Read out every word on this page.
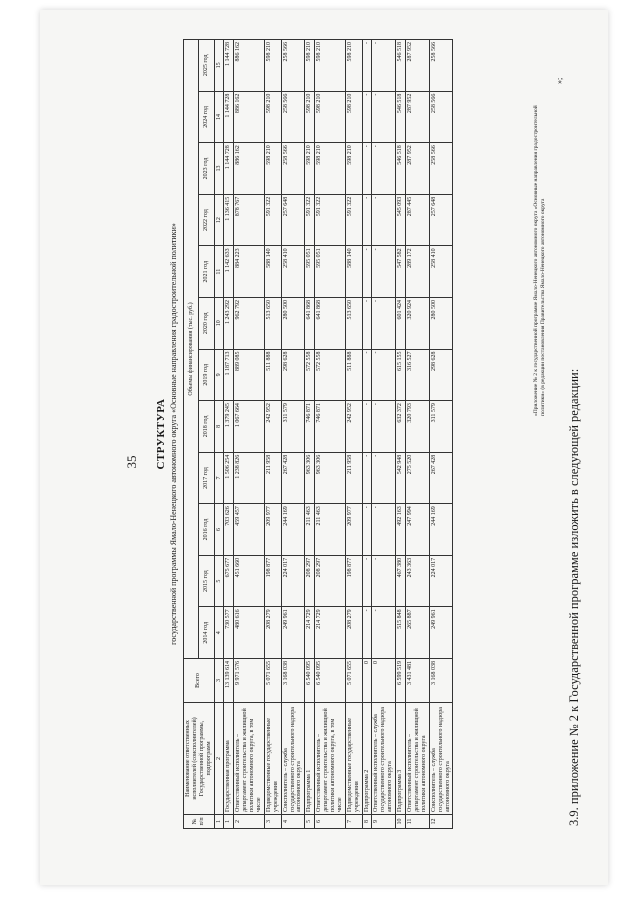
35 СТРУКТУРА государственной программы Ямало-Ненецкого автономного округа «Основные направления градостроительной политики»
№ п/п	Наименование ответственных исполнителей (соисполнителей) Государственной программы, подпрограмм	Всего	Объемы финансирования (тыс. руб.)											
			2014 год	2015 год	2016 год	2017 год	2018 год	2019 год	2020 год	2021 год	2022 год	2023 год	2024 год	2025 год
1	2	3	4	5	6	7	8	9	10	11	12	13	14	15
1	Государственная программа	13 139 614	730 577	675 677	703 626	1 506 254	1 379 245	1 187 713	1 243 292	1 142 633	1 136 415	1 144 728	1 144 728	1 144 728
2	Ответственный исполнитель – департамент строительства и жилищной политики автономного округа, в том числе	9 971 576	480 616	451 660	459 457	1 238 826	1 067 664	889 085	962 792	884 223	878 767	886 162	886 162	886 162
3	Подведомственные государственные учреждения	5 071 655	208 279	198 877	209 977	211 958	242 952	511 888	513 650	588 140	591 322	598 210	598 210	598 210
4	Соисполнитель – служба государственного строительного надзора автономного округа	3 168 038	249 961	224 017	244 169	267 428	311 579	298 628	280 500	258 410	257 648	258 566	258 566	258 566
5	Подпрограмма 1	6 540 095	214 729	208 297	211 463	963 306	746 871	572 558	641 868	595 051	591 322	598 210	598 210	598 210
6	Ответственный исполнитель – департамент строительства и жилищной политики автономного округа, в том числе	6 540 095	214 729	208 297	211 463	963 306	746 871	572 558	641 868	595 051	591 322	598 210	598 210	598 210
7	Подведомственные государственные учреждения	5 071 655	208 279	198 877	209 977	211 958	242 952	511 888	513 650	588 140	591 322	598 210	598 210	598 210
8	Подпрограмма 2	0	-	-	-	-	-	-	-	-	-	-	-	-
9	Ответственный исполнитель – служба государственного строительного надзора автономного округа	0	-	-	-	-	-	-	-	-	-	-	-	-
10	Подпрограмма 3	6 599 519	515 848	467 380	492 163	542 948	632 372	615 155	601 424	547 582	545 093	546 518	546 518	546 518
11	Ответственный исполнитель – департамент строительства и жилищной политики автономного округа	3 431 481	265 887	243 363	247 994	275 520	320 793	316 527	320 924	289 172	287 445	287 952	287 952	287 952
12	Соисполнитель – служба государственного строительного надзора автономного округа	3 168 038	249 961	224 017	244 169	267 428	311 579	298 628	280 500	258 410	257 648	258 566	258 566	258 566
3.9. приложение № 2 к Государственной программе изложить в следующей редакции:
«Приложение № 2 к государственной программе Ямало-Ненецкого автономного округа «Основные направления градостроительной политики» (в редакции постановления Правительства Ямало-Ненецкого автономного округа
»;
